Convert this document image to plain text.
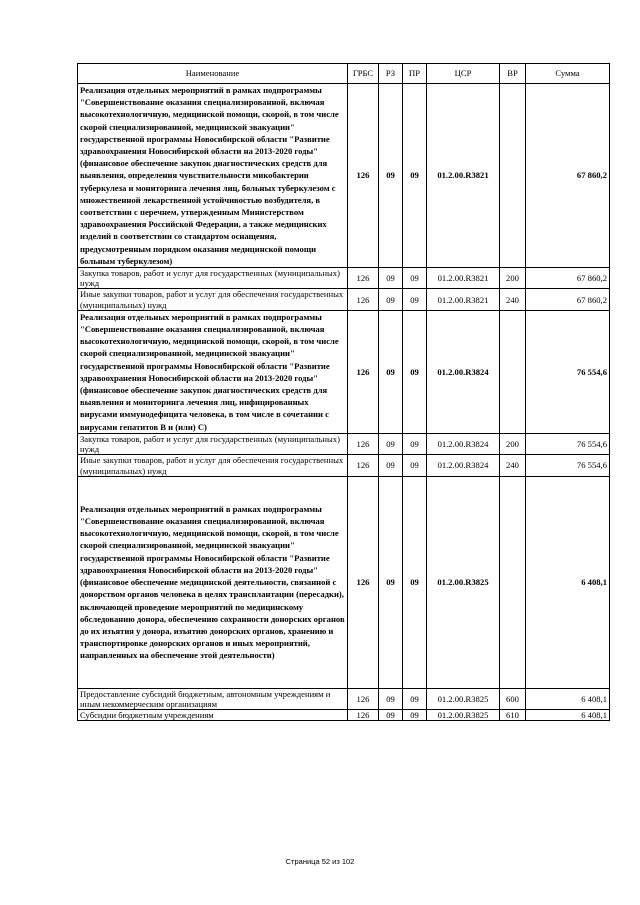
Наименование	ГРБС	РЗ	ПР	ЦСР	ВР	Сумма
Реализация отдельных мероприятий в рамках подпрограммы "Совершенствование оказания специализированной, включая высокотехнологичную, медицинской помощи, скорой, в том числе скорой специализированной, медицинской эвакуации" государственной программы Новосибирской области "Развитие здравоохранения Новосибирской области на 2013-2020 годы" (финансовое обеспечение закупок диагностических средств для выявления, определения чувствительности микобактерии туберкулеза и мониторинга лечения лиц, больных туберкулезом с множественной лекарственной устойчивостью возбудителя, в соответствии с перечнем, утвержденным Министерством здравоохранения Российской Федерации, а также медицинских изделий в соответствии со стандартом оснащения, предусмотренным порядком оказания медицинской помощи больным туберкулезом)	126	09	09	01.2.00.R3821		67 860,2
Закупка товаров, работ и услуг для государственных (муниципальных) нужд	126	09	09	01.2.00.R3821	200	67 860,2
Иные закупки товаров, работ и услуг для обеспечения государственных (муниципальных) нужд	126	09	09	01.2.00.R3821	240	67 860,2
Реализация отдельных мероприятий в рамках подпрограммы "Совершенствование оказания специализированной, включая высокотехнологичную, медицинской помощи, скорой, в том числе скорой специализированной, медицинской эвакуации" государственной программы Новосибирской области "Развитие здравоохранения Новосибирской области на 2013-2020 годы" (финансовое обеспечение закупок диагностических средств для выявления и мониторинга лечения лиц, инфицированных вирусами иммунодефицита человека, в том числе в сочетании с вирусами гепатитов B и (или) C)	126	09	09	01.2.00.R3824		76 554,6
Закупка товаров, работ и услуг для государственных (муниципальных) нужд	126	09	09	01.2.00.R3824	200	76 554,6
Иные закупки товаров, работ и услуг для обеспечения государственных (муниципальных) нужд	126	09	09	01.2.00.R3824	240	76 554,6
Реализация отдельных мероприятий в рамках подпрограммы "Совершенствование оказания специализированной, включая высокотехнологичную, медицинской помощи, скорой, в том числе скорой специализированной, медицинской эвакуации" государственной программы Новосибирской области "Развитие здравоохранения Новосибирской области на 2013-2020 годы" (финансовое обеспечение медицинской деятельности, связанной с донорством органов человека в целях трансплантации (пересадки), включающей проведение мероприятий по медицинскому обследованию донора, обеспечению сохранности донорских органов до их изъятия у донора, изъятию донорских органов, хранению и транспортировке донорских органов и иных мероприятий, направленных на обеспечение этой деятельности)	126	09	09	01.2.00.R3825		6 408,1
Предоставление субсидий бюджетным, автономным учреждениям и иным некоммерческим организациям	126	09	09	01.2.00.R3825	600	6 408,1
Субсидии бюджетным учреждениям	126	09	09	01.2.00.R3825	610	6 408,1
Страница 52 из 102
